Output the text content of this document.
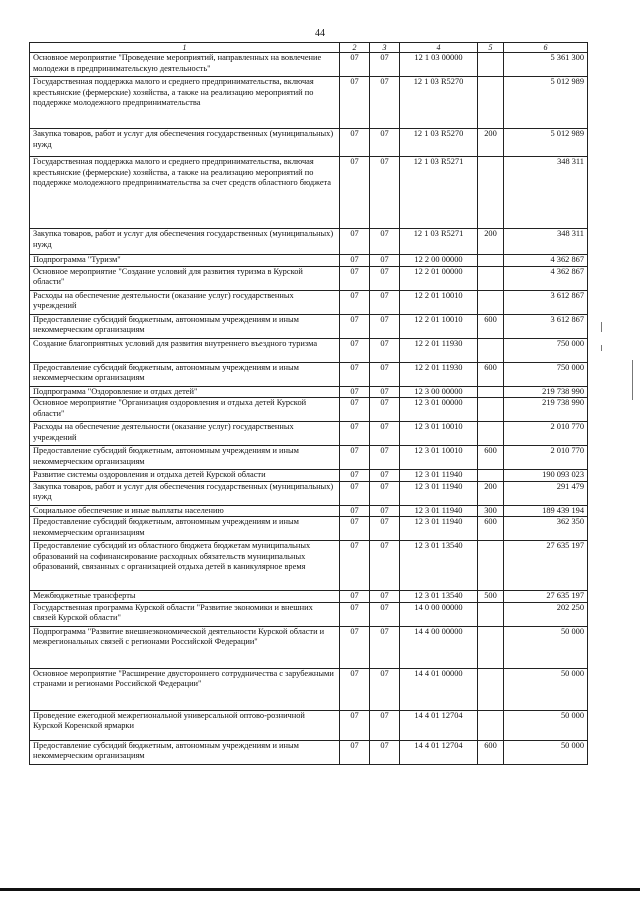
44
1	2	3	4	5	6
Основное мероприятие "Проведение мероприятий, направленных на вовлечение молодежи в предпринимательскую деятельность"	07	07	12 1 03 00000		5 361 300
Государственная поддержка малого и среднего предпринимательства, включая крестьянские (фермерские) хозяйства, а также на реализацию мероприятий по поддержке молодежного предпринимательства	07	07	12 1 03 R5270		5 012 989
Закупка товаров, работ и услуг для обеспечения государственных (муниципальных) нужд	07	07	12 1 03 R5270	200	5 012 989
Государственная поддержка малого и среднего предпринимательства, включая крестьянские (фермерские) хозяйства, а также на реализацию мероприятий по поддержке молодежного предпринимательства за счет средств областного бюджета	07	07	12 1 03 R5271		348 311
Закупка товаров, работ и услуг для обеспечения государственных (муниципальных) нужд	07	07	12 1 03 R5271	200	348 311
Подпрограмма "Туризм"	07	07	12 2 00 00000		4 362 867
Основное мероприятие "Создание условий для развития туризма в Курской области"	07	07	12 2 01 00000		4 362 867
Расходы на обеспечение деятельности (оказание услуг) государственных учреждений	07	07	12 2 01 10010		3 612 867
Предоставление субсидий бюджетным, автономным учреждениям и иным некоммерческим организациям	07	07	12 2 01 10010	600	3 612 867
Создание благоприятных условий для развития внутреннего въездного туризма	07	07	12 2 01 11930		750 000
Предоставление субсидий бюджетным, автономным учреждениям и иным некоммерческим организациям	07	07	12 2 01 11930	600	750 000
Подпрограмма "Оздоровление и отдых детей"	07	07	12 3 00 00000		219 738 990
Основное мероприятие "Организация оздоровления и отдыха детей Курской области"	07	07	12 3 01 00000		219 738 990
Расходы на обеспечение деятельности (оказание услуг) государственных учреждений	07	07	12 3 01 10010		2 010 770
Предоставление субсидий бюджетным, автономным учреждениям и иным некоммерческим организациям	07	07	12 3 01 10010	600	2 010 770
Развитие системы оздоровления и отдыха детей Курской области	07	07	12 3 01 11940		190 093 023
Закупка товаров, работ и услуг для обеспечения государственных (муниципальных) нужд	07	07	12 3 01 11940	200	291 479
Социальное обеспечение и иные выплаты населению	07	07	12 3 01 11940	300	189 439 194
Предоставление субсидий бюджетным, автономным учреждениям и иным некоммерческим организациям	07	07	12 3 01 11940	600	362 350
Предоставление субсидий из областного бюджета бюджетам муниципальных образований на софинансирование расходных обязательств муниципальных образований, связанных с организацией отдыха детей в каникулярное время	07	07	12 3 01 13540		27 635 197
Межбюджетные трансферты	07	07	12 3 01 13540	500	27 635 197
Государственная программа Курской области "Развитие экономики и внешних связей Курской области"	07	07	14 0 00 00000		202 250
Подпрограмма "Развитие внешнеэкономической деятельности Курской области и межрегиональных связей с регионами Российской Федерации"	07	07	14 4 00 00000		50 000
Основное мероприятие "Расширение двустороннего сотрудничества с зарубежными странами и регионами Российской Федерации"	07	07	14 4 01 00000		50 000
Проведение ежегодной межрегиональной универсальной оптово-розничной Курской Коренской ярмарки	07	07	14 4 01 12704		50 000
Предоставление субсидий бюджетным, автономным учреждениям и иным некоммерческим организациям	07	07	14 4 01 12704	600	50 000
